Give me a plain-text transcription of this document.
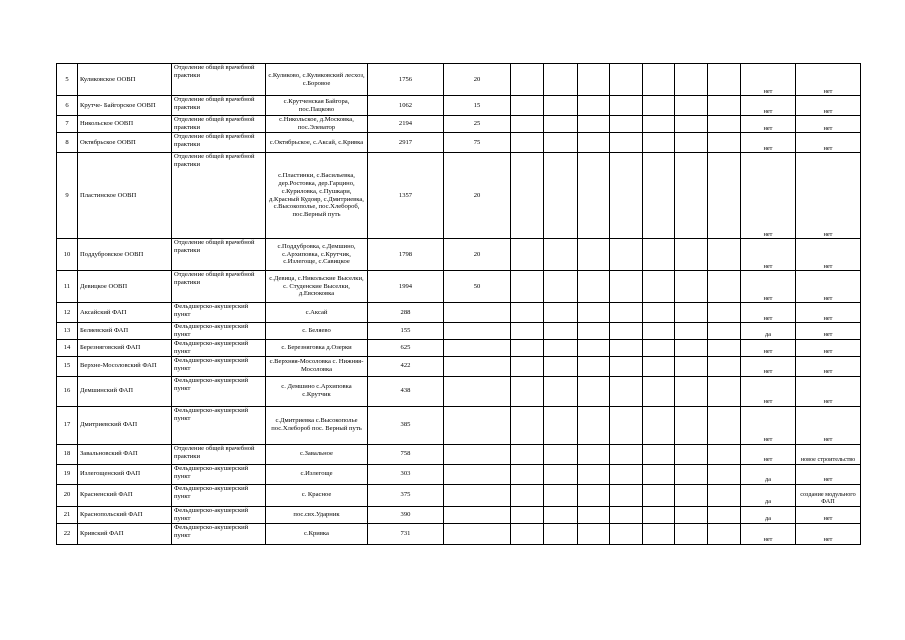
5	Куликовское ООВП	Отделение общей врачебной практики	с.Куликово, с.Куликовский лесхоз, с.Боровое	1756	20								нет	нет
6	Крутче- Байгорское ООВП	Отделение общей врачебной практики	с.Крутченская Байгора, пос.Пацково	1062	15								нет	нет
7	Никольское ООВП	Отделение общей врачебной практики	с.Никольское, д.Московка, пос.Элеватор	2194	25								нет	нет
8	Октябрьское ООВП	Отделение общей врачебной практики	с.Октябрьское, с.Аксай, с.Кривка	2917	75								нет	нет
9	Пластинское ООВП	Отделение общей врачебной практики	с.Пластинки, с.Васильевка, дер.Ростовка, дер.Гарцино, с.Куриловка, с.Пушкари, д.Красный Кудояр, с.Дмитриевка, с.Высокополье, пос.Хлебороб, пос.Верный путь	1357	20								нет	нет
10	Поддубровское ООВП	Отделение общей врачебной практики	с.Поддубровка, с.Демшино, с.Архиповка, с.Крутчик, с.Излегоще, с.Савицкое	1798	20								нет	нет
11	Девицкое ООВП	Отделение общей врачебной практики	с.Девица, с.Никольские Выселки, с. Студенские Выселки, д.Евсюковка	1994	50								нет	нет
12	Аксайский ФАП	Фельдшерско-акушерский пункт	с.Аксай	288									нет	нет
13	Беляевский ФАП	Фельдшерско-акушерский пункт	с. Беляево	155									да	нет
14	Березняговский ФАП	Фельдшерско-акушерский пункт	с. Березняговка д.Озерки	625									нет	нет
15	Верхне-Мосоловский ФАП	Фельдшерско-акушерский пункт	с.Верхняя-Мосоловка с. Нижняя-Мосоловка	422									нет	нет
16	Демшинский ФАП	Фельдшерско-акушерский пункт	с. Демшино с.Архиповка с.Крутчик	438									нет	нет
17	Дмитриевский ФАП	Фельдшерско-акушерский пункт	с.Дмитриевка с.Высокополье пос.Хлебороб пос. Верный путь	385									нет	нет
18	Завальновский ФАП	Отделение общей врачебной практики	с.Завальное	758									нет	новое строительство
19	Излегощенский ФАП	Фельдшерско-акушерский пункт	с.Излегоще	303									да	нет
20	Красненский ФАП	Фельдшерско-акушерский пункт	с. Красное	375									да	создание модульного ФАП
21	Краснопольский ФАП	Фельдшерско-акушерский пункт	пос.свх.Ударник	390									да	нет
22	Кривский ФАП	Фельдшерско-акушерский пункт	с.Кривка	731									нет	нет
